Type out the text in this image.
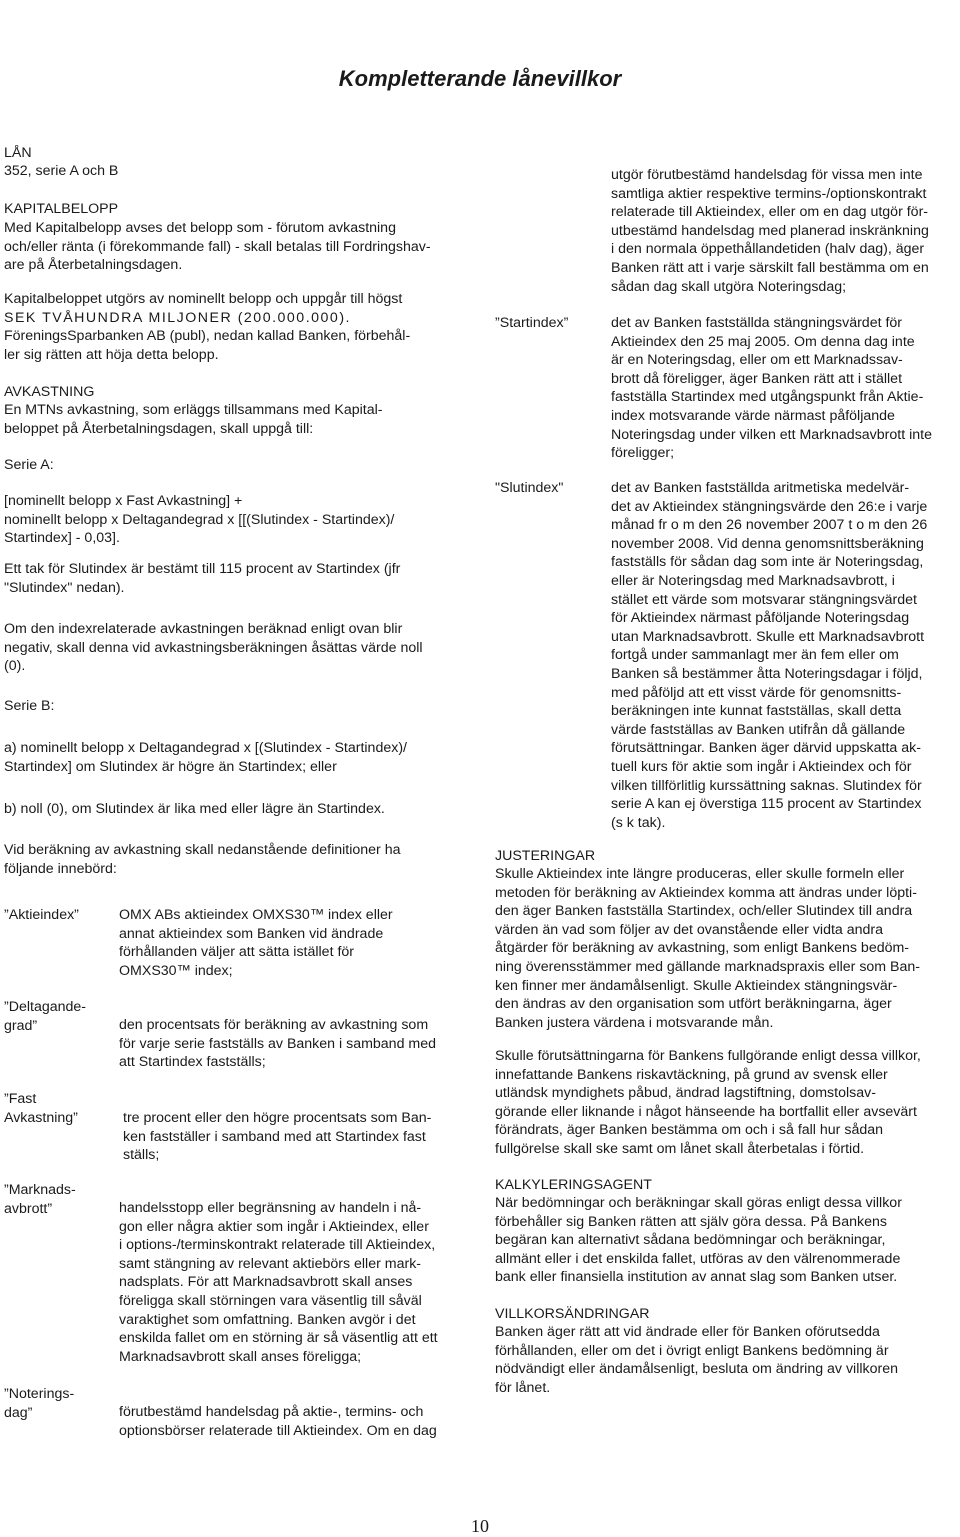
Kompletterande lånevillkor
LÅN
352, serie A och B
KAPITALBELOPP
Med Kapitalbelopp avses det belopp som - förutom avkastning
och/eller ränta (i förekommande fall) - skall betalas till Fordringshav-
are på Återbetalningsdagen.
Kapitalbeloppet utgörs av nominellt belopp och uppgår till högst
SEK TVÅHUNDRA MILJONER (200.000.000).
FöreningsSparbanken AB (publ), nedan kallad Banken, förbehål-
ler sig rätten att höja detta belopp.
AVKASTNING
En MTNs avkastning, som erläggs tillsammans med Kapital-
beloppet på Återbetalningsdagen, skall uppgå till:
Serie A:
[nominellt belopp x Fast Avkastning] +
nominellt belopp x Deltagandegrad x [[(Slutindex - Startindex)/
Startindex] - 0,03].
Ett tak för Slutindex är bestämt till 115 procent av Startindex (jfr
"Slutindex" nedan).
Om den indexrelaterade avkastningen beräknad enligt ovan blir
negativ, skall denna vid avkastningsberäkningen åsättas värde noll
(0).
Serie B:
a) nominellt belopp x Deltagandegrad x [(Slutindex - Startindex)/
Startindex] om Slutindex är högre än Startindex; eller
b) noll (0), om Slutindex är lika med eller lägre än Startindex.
Vid beräkning av avkastning skall nedanstående definitioner ha
följande innebörd:
”Aktieindex”	OMX ABs aktieindex OMXS30™ index eller
annat aktieindex som Banken vid ändrade
förhållanden väljer att sätta istället för
OMXS30™ index;
”Deltagande-
grad”	den procentsats för beräkning av avkastning som
för varje serie fastställs av Banken i samband med
att Startindex fastställs;
”Fast
Avkastning”	tre procent eller den högre procentsats som Ban-
ken fastställer i samband med att Startindex fast
ställs;
”Marknads-
avbrott”	handelsstopp eller begränsning av handeln i nå-
gon eller några aktier som ingår i Aktieindex, eller
i options-/terminskontrakt relaterade till Aktieindex,
samt stängning av relevant aktiebörs eller mark-
nadsplats. För att Marknadsavbrott skall anses
föreligga skall störningen vara väsentlig till såväl
varaktighet som omfattning. Banken avgör i det
enskilda fallet om en störning är så väsentlig att ett
Marknadsavbrott skall anses föreligga;
”Noterings-
dag”	förutbestämd handelsdag på aktie-, termins- och
optionsbörser relaterade till Aktieindex. Om en dag
utgör förutbestämd handelsdag för vissa men inte
samtliga aktier respektive termins-/optionskontrakt
relaterade till Aktieindex, eller om en dag utgör för-
utbestämd handelsdag med planerad inskränkning
i den normala öppethållandetiden (halv dag), äger
Banken rätt att i varje särskilt fall bestämma om en
sådan dag skall utgöra Noteringsdag;
”Startindex”	det av Banken fastställda stängningsvärdet för
Aktieindex den 25 maj 2005. Om denna dag inte
är en Noteringsdag, eller om ett Marknadssav-
brott då föreligger, äger Banken rätt att i stället
fastställa Startindex med utgångspunkt från Aktie-
index motsvarande värde närmast påföljande
Noteringsdag under vilken ett Marknadsavbrott inte
föreligger;
"Slutindex"	det av Banken fastställda aritmetiska medelvär-
det av Aktieindex stängningsvärde den 26:e i varje
månad fr o m den 26 november 2007 t o m den 26
november 2008. Vid denna genomsnittsberäkning
fastställs för sådan dag som inte är Noteringsdag,
eller är Noteringsdag med Marknadsavbrott, i
stället ett värde som motsvarar stängningsvärdet
för Aktieindex närmast påföljande Noteringsdag
utan Marknadsavbrott. Skulle ett Marknadsavbrott
fortgå under sammanlagt mer än fem eller om
Banken så bestämmer åtta Noteringsdagar i följd,
med påföljd att ett visst värde för genomsnitts-
beräkningen inte kunnat fastställas, skall detta
värde fastställas av Banken utifrån då gällande
förutsättningar. Banken äger därvid uppskatta ak-
tuell kurs för aktie som ingår i Aktieindex och för
vilken tillförlitlig kurssättning saknas. Slutindex för
serie A kan ej överstiga 115 procent av Startindex
(s k tak).
JUSTERINGAR
Skulle Aktieindex inte längre produceras, eller skulle formeln eller
metoden för beräkning av Aktieindex komma att ändras under löpti-
den äger Banken fastställa Startindex, och/eller Slutindex till andra
värden än vad som följer av det ovanstående eller vidta andra
åtgärder för beräkning av avkastning, som enligt Bankens bedöm-
ning överensstämmer med gällande marknadspraxis eller som Ban-
ken finner mer ändamålsenligt. Skulle Aktieindex stängningsvär-
den ändras av den organisation som utfört beräkningarna, äger
Banken justera värdena i motsvarande mån.
Skulle förutsättningarna för Bankens fullgörande enligt dessa villkor,
innefattande Bankens riskavtäckning, på grund av svensk eller
utländsk myndighets påbud, ändrad lagstiftning, domstolsav-
görande eller liknande i något hänseende ha bortfallit eller avsevärt
förändrats, äger Banken bestämma om och i så fall hur sådan
fullgörelse skall ske samt om lånet skall återbetalas i förtid.
KALKYLERINGSAGENT
När bedömningar och beräkningar skall göras enligt dessa villkor
förbehåller sig Banken rätten att själv göra dessa. På Bankens
begäran kan alternativt sådana bedömningar och beräkningar,
allmänt eller i det enskilda fallet, utföras av den välrenommerade
bank eller finansiella institution av annat slag som Banken utser.
VILLKORSÄNDRINGAR
Banken äger rätt att vid ändrade eller för Banken oförutsedda
förhållanden, eller om det i övrigt enligt Bankens bedömning är
nödvändigt eller ändamålsenligt, besluta om ändring av villkoren
för lånet.
10
